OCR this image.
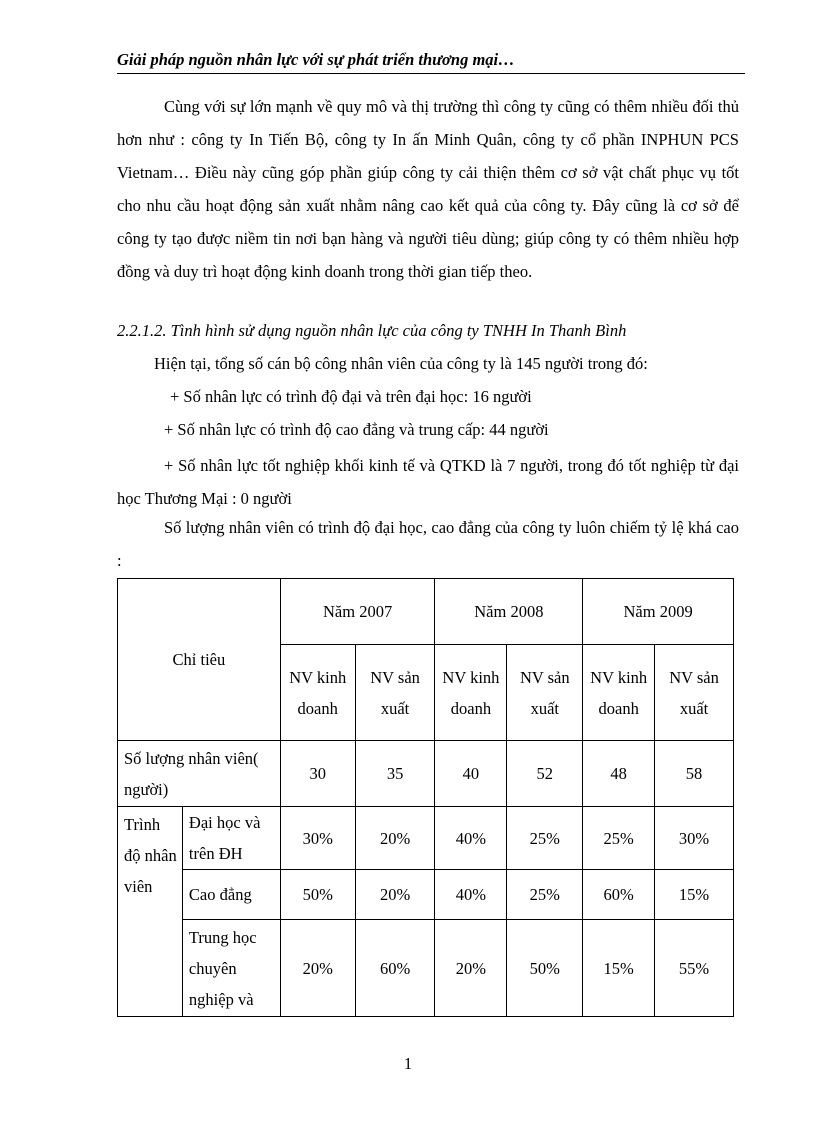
Giải pháp nguồn nhân lực với sự phát triển thương mại…

Cùng với sự lớn mạnh về quy mô và thị trường thì công ty cũng có thêm nhiều đối thủ hơn như : công ty In Tiến Bộ, công ty In ấn Minh Quân, công ty cổ phần INPHUN PCS Vietnam… Điều này cũng góp phần giúp công ty cải thiện thêm cơ sở vật chất phục vụ tốt cho nhu cầu hoạt động sản xuất nhằm nâng cao kết quả của công ty. Đây cũng là cơ sở để công ty tạo được niềm tin nơi bạn hàng và người tiêu dùng; giúp công ty có thêm nhiều hợp đồng và duy trì hoạt động kinh doanh trong thời gian tiếp theo.

2.2.1.2. Tình hình sử dụng nguồn nhân lực của công ty TNHH In Thanh Bình

Hiện tại, tổng số cán bộ công nhân viên của công ty là 145 người trong đó:

+ Số nhân lực có trình độ đại và trên đại học: 16 người

+ Số nhân lực có trình độ cao đẳng và trung cấp: 44 người

+ Số nhân lực tốt nghiệp khối kinh tế và QTKD là 7 người, trong đó tốt nghiệp từ đại học Thương Mại : 0 người

Số lượng nhân viên có trình độ đại học, cao đẳng của công ty luôn chiếm tỷ lệ khá cao :

Chỉ tiêu		Năm 2007		Năm 2008		Năm 2009	
		NV kinh doanh	NV sản xuất	NV kinh doanh	NV sản xuất	NV kinh doanh	NV sản xuất
Số lượng nhân viên( người)		30	35	40	52	48	58
Trình độ nhân viên	Đại học và trên ĐH	30%	20%	40%	25%	25%	30%
	Cao đẳng	50%	20%	40%	25%	60%	15%
	Trung học chuyên nghiệp và	20%	60%	20%	50%	15%	55%
1
